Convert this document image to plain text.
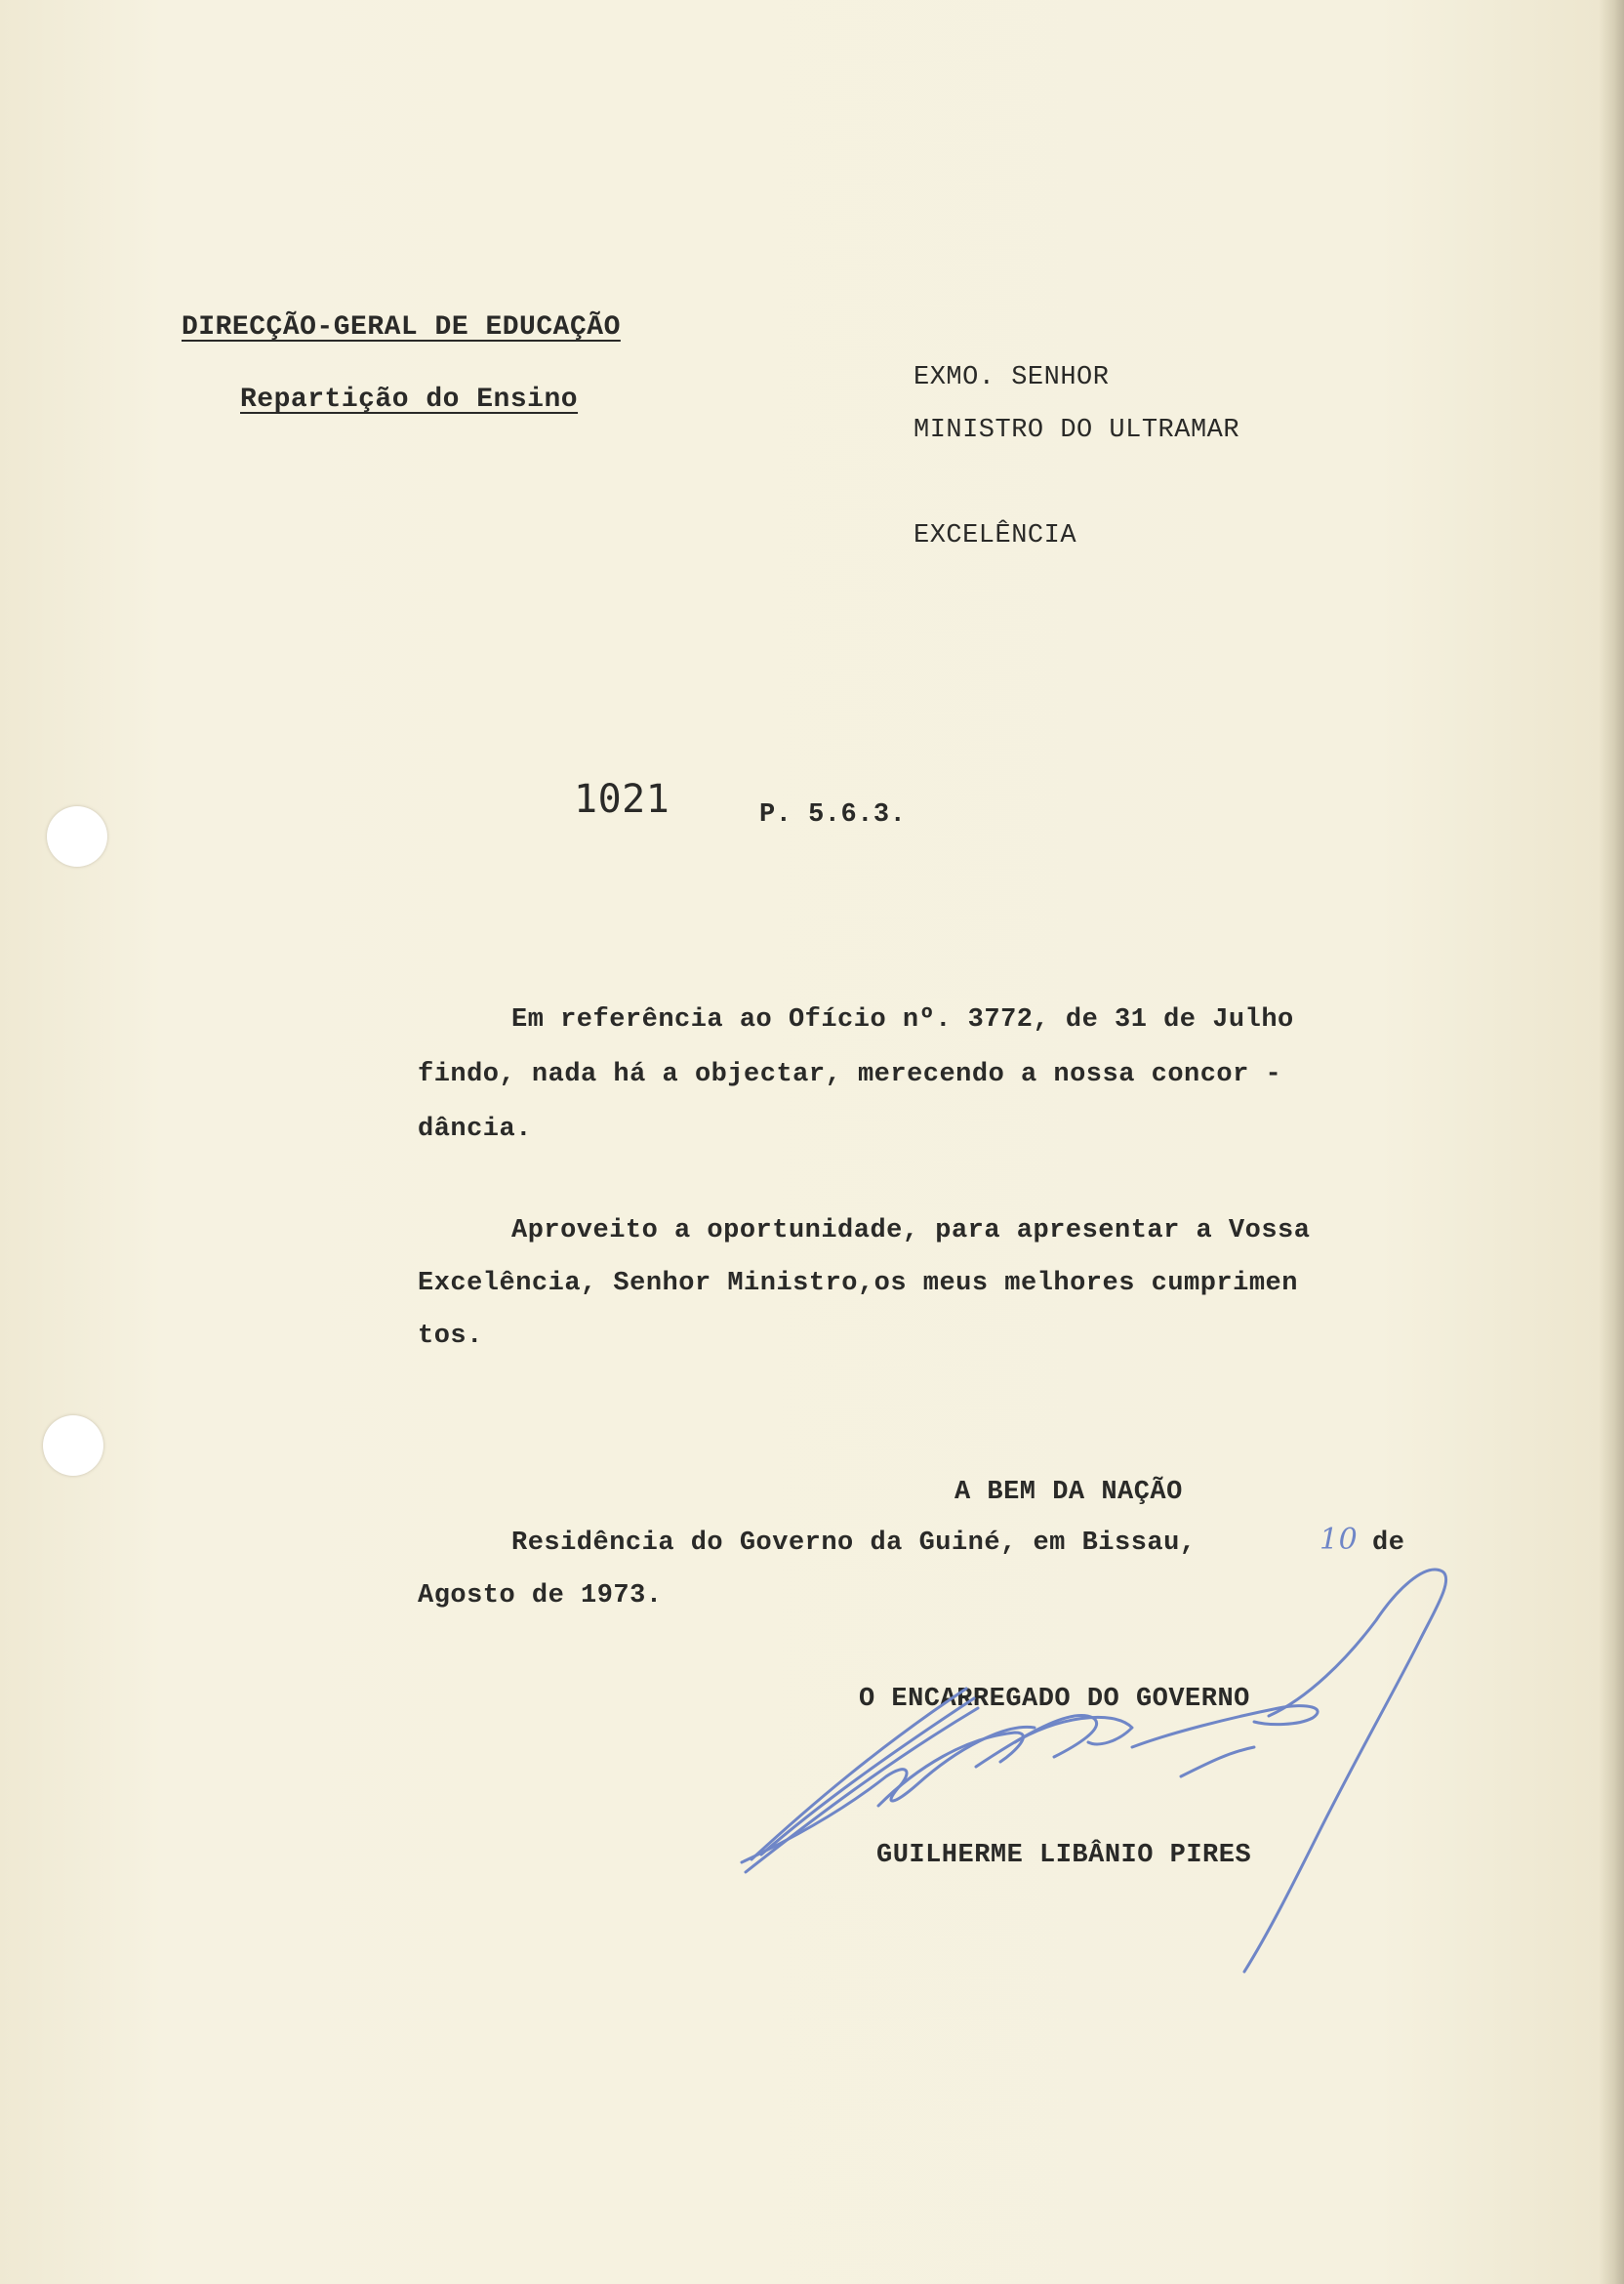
DIRECÇÃO-GERAL DE EDUCAÇÃO
Repartição do Ensino
EXMO. SENHOR
MINISTRO DO ULTRAMAR
EXCELÊNCIA
1021	P. 5.6.3.
Em referência ao Ofício nº. 3772, de 31 de Julho
findo, nada há a objectar, merecendo a nossa concor -
dância.
Aproveito a oportunidade, para apresentar a Vossa
Excelência, Senhor Ministro,os meus melhores cumprimen
tos.
A BEM DA NAÇÃO
Residência do Governo da Guiné, em Bissau,	10 de
Agosto de 1973.
O ENCARREGADO DO GOVERNO
GUILHERME LIBÂNIO PIRES
